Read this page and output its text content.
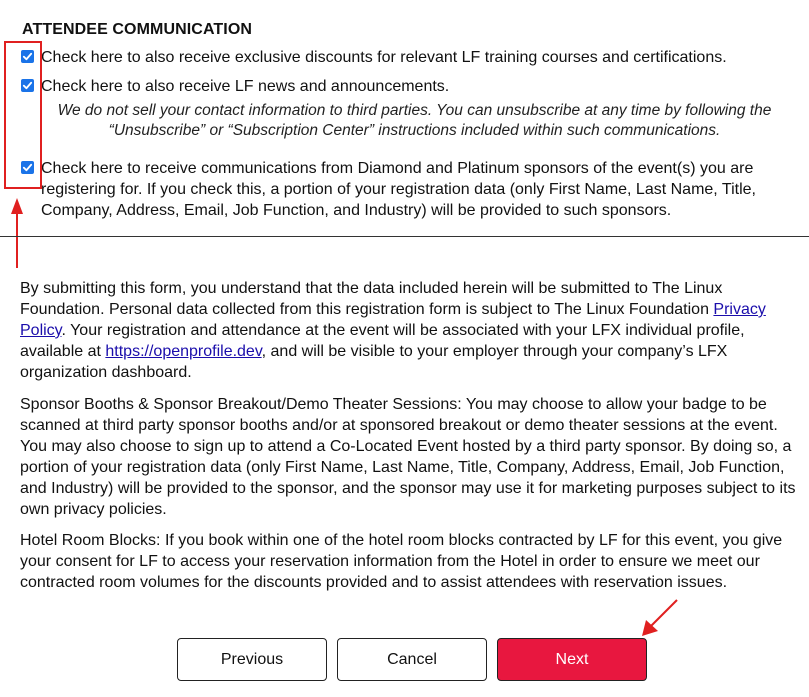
ATTENDEE COMMUNICATION
Check here to also receive exclusive discounts for relevant LF training courses and certifications.
Check here to also receive LF news and announcements.
We do not sell your contact information to third parties. You can unsubscribe at any time by following the
“Unsubscribe” or “Subscription Center” instructions included within such communications.
Check here to receive communications from Diamond and Platinum sponsors of the event(s) you are registering for. If you check this, a portion of your registration data (only First Name, Last Name, Title, Company, Address, Email, Job Function, and Industry) will be provided to such sponsors.
By submitting this form, you understand that the data included herein will be submitted to The Linux Foundation. Personal data collected from this registration form is subject to The Linux Foundation Privacy Policy. Your registration and attendance at the event will be associated with your LFX individual profile, available at https://openprofile.dev, and will be visible to your employer through your company’s LFX organization dashboard.
Sponsor Booths & Sponsor Breakout/Demo Theater Sessions: You may choose to allow your badge to be scanned at third party sponsor booths and/or at sponsored breakout or demo theater sessions at the event. You may also choose to sign up to attend a Co-Located Event hosted by a third party sponsor. By doing so, a portion of your registration data (only First Name, Last Name, Title, Company, Address, Email, Job Function, and Industry) will be provided to the sponsor, and the sponsor may use it for marketing purposes subject to its own privacy policies.
Hotel Room Blocks: If you book within one of the hotel room blocks contracted by LF for this event, you give your consent for LF to access your reservation information from the Hotel in order to ensure we meet our contracted room volumes for the discounts provided and to assist attendees with reservation issues.
Previous	Cancel	Next
